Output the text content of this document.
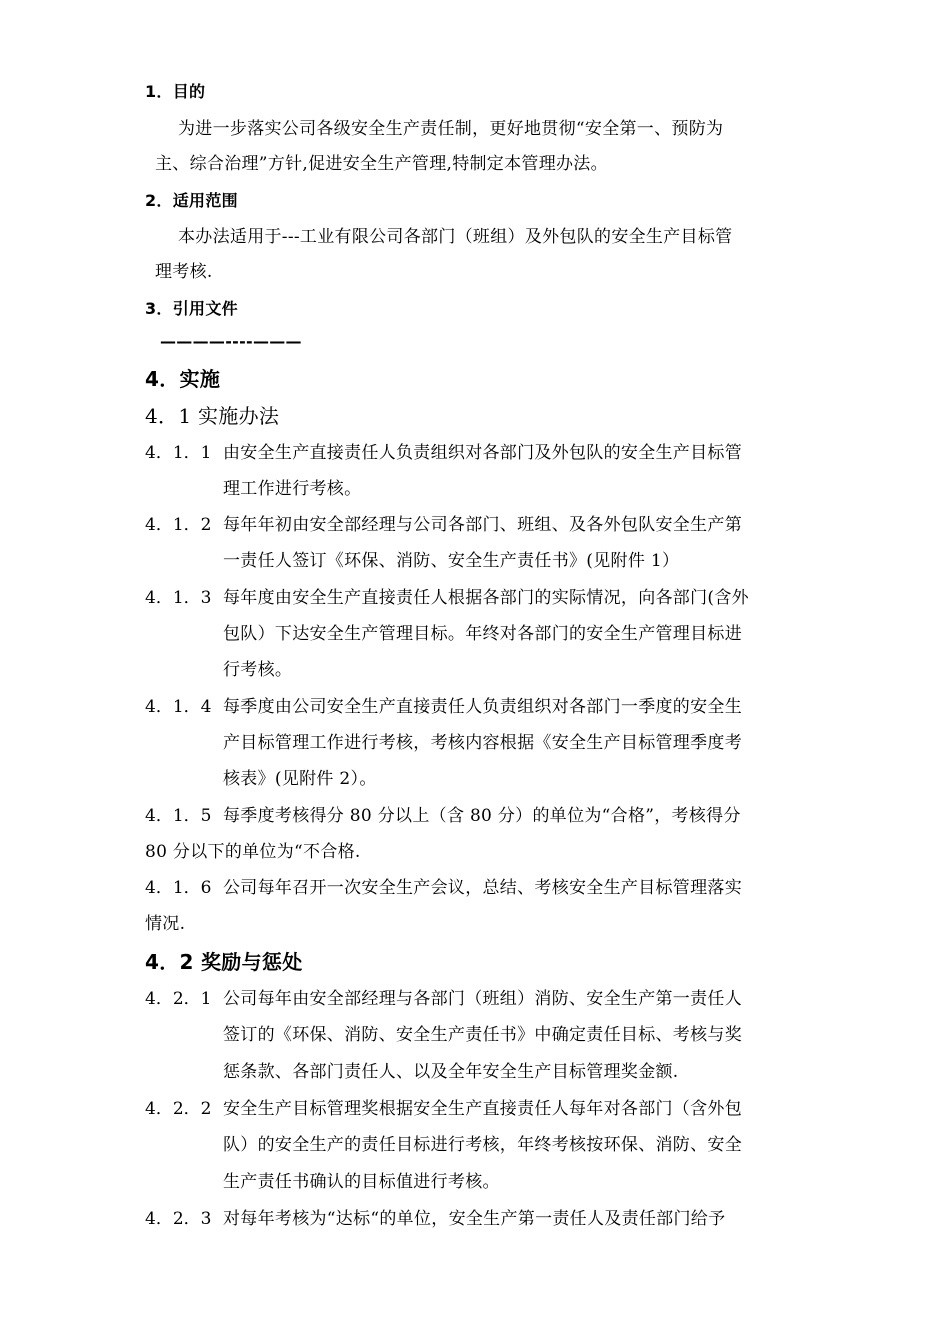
1．目的
为进一步落实公司各级安全生产责任制，更好地贯彻“安全第一、预防为
主、综合治理”方针,促进安全生产管理,特制定本管理办法。
2．适用范围
本办法适用于---工业有限公司各部门（班组）及外包队的安全生产目标管
理考核.
3．引用文件
————----———
4．实施
4．1 实施办法
4．1．1 由安全生产直接责任人负责组织对各部门及外包队的安全生产目标管
理工作进行考核。
4．1．2 每年年初由安全部经理与公司各部门、班组、及各外包队安全生产第
一责任人签订《环保、消防、安全生产责任书》(见附件 1）
4．1．3 每年度由安全生产直接责任人根据各部门的实际情况，向各部门(含外
包队）下达安全生产管理目标。年终对各部门的安全生产管理目标进
行考核。
4．1．4 每季度由公司安全生产直接责任人负责组织对各部门一季度的安全生
产目标管理工作进行考核，考核内容根据《安全生产目标管理季度考
核表》(见附件 2）。
4．1．5 每季度考核得分 80 分以上（含 80 分）的单位为“合格”，考核得分
80 分以下的单位为“不合格.
4．1．6 公司每年召开一次安全生产会议，总结、考核安全生产目标管理落实
情况.
4．2 奖励与惩处
4．2．1 公司每年由安全部经理与各部门（班组）消防、安全生产第一责任人
签订的《环保、消防、安全生产责任书》中确定责任目标、考核与奖
惩条款、各部门责任人、以及全年安全生产目标管理奖金额.
4．2．2 安全生产目标管理奖根据安全生产直接责任人每年对各部门（含外包
队）的安全生产的责任目标进行考核，年终考核按环保、消防、安全
生产责任书确认的目标值进行考核。
4．2．3 对每年考核为“达标“的单位，安全生产第一责任人及责任部门给予
